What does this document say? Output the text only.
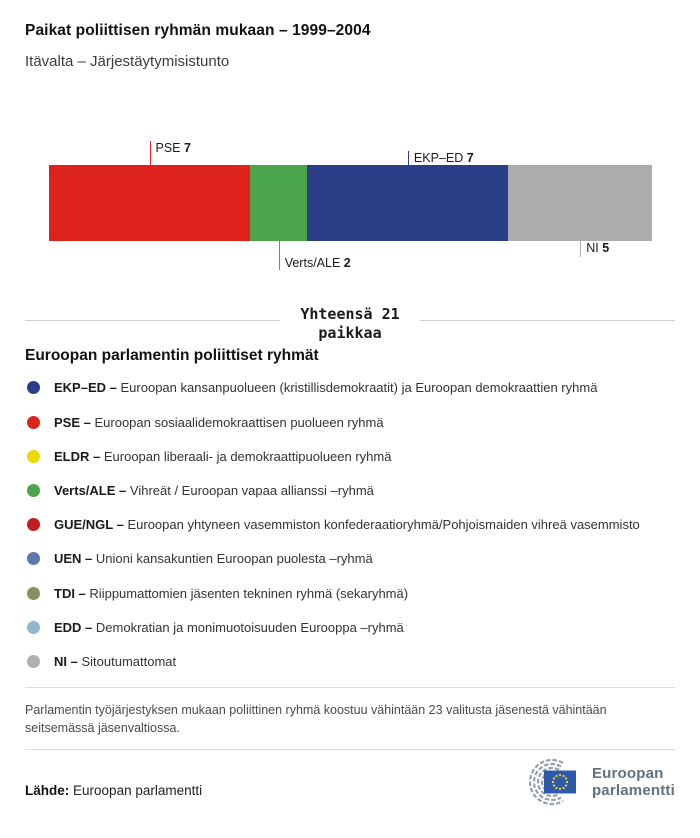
Paikat poliittisen ryhmän mukaan – 1999–2004

Itävalta – Järjestäytymisistunto

PSE 7
Verts/ALE 2
EKP–ED 7
NI 5
Yhteensä 21 paikkaa
Euroopan parlamentin poliittiset ryhmät

EKP–ED – Euroopan kansanpuolueen (kristillisdemokraatit) ja Euroopan demokraattien ryhmä

PSE – Euroopan sosiaalidemokraattisen puolueen ryhmä

ELDR – Euroopan liberaali- ja demokraattipuolueen ryhmä

Verts/ALE – Vihreät / Euroopan vapaa allianssi –ryhmä

GUE/NGL – Euroopan yhtyneen vasemmiston konfederaatioryhmä/Pohjoismaiden vihreä vasemmisto

UEN – Unioni kansakuntien Euroopan puolesta –ryhmä

TDI – Riippumattomien jäsenten tekninen ryhmä (sekaryhmä)

EDD – Demokratian ja monimuotoisuuden Eurooppa –ryhmä

NI – Sitoutumattomat

Parlamentin työjärjestyksen mukaan poliittinen ryhmä koostuu vähintään 23 valitusta jäsenestä vähintään seitsemässä jäsenvaltiossa.

Lähde: Euroopan parlamentti
Euroopan
parlamentti
